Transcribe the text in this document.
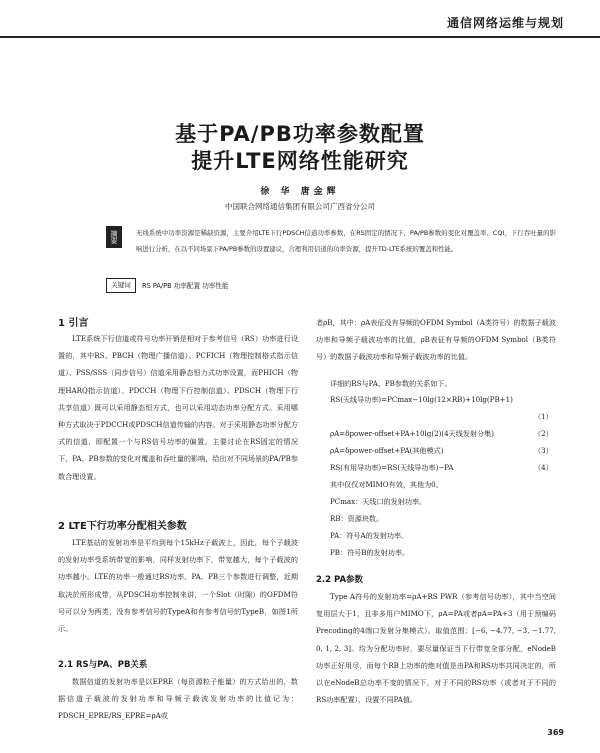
通信网络运维与规划
基于PA/PB功率参数配置
提升LTE网络性能研究
徐 华 唐金辉
中国联合网络通信集团有限公司广西省分公司
摘要	无线系统中功率资源是稀缺资源，主要介绍LTE下行PDSCH信道功率参数，在RS固定的情况下，PA/PB参数的变化对覆盖率、CQI、下行吞吐量的影响进行分析，在以不同场景下PA/PB参数的设置建议，合理利用信道的功率资源，提升TD-LTE系统的覆盖和性能。
关键词	RS PA/PB 功率配置 功率性能
1 引言
LTE系统下行信道或符号功率开销是相对于参考信号（RS）功率进行设置的，其中RS、PBCH（物理广播信道）、PCFICH（物理控制格式指示信道）、PSS/SSS（同步信号）信道采用静态恒力式功率设置，而PHICH（物理HARQ指示信道）、PDCCH（物理下行控制信道）、PDSCH（物理下行共享信道）既可以采用静态恒方式，也可以采用动态功率分配方式。采用哪种方式取决于PDCCH或PDSCH信道传输的内容。对于采用静态功率分配方式的信道，即配置一个与RS信号功率的偏置。主要讨论在RS固定的情况下，PA、PB参数的变化对覆盖和吞吐量的影响，给出对不同场景的PA/PB参数合理设置。
2 LTE下行功率分配相关参数
LTE基站的发射功率是平均到每个15kHz子载波上，因此，每个子载波的发射功率受系统带宽的影响，同样发射功率下，带宽越大，每个子载波的功率越小。LTE的功率一般通过RS功率、PA、PB三个参数进行调整，近期取决於所形成带，从PDSCH功率控制来讲，一个Slot（时隙）的OFDM符号可以分为两类，没有参考信号的TypeA和有参考信号的TypeB，如图1所示。
2.1 RS与PA、PB关系
数据信道的发射功率是以EPRE（每资源粒子能量）的方式给出的，数据信道子载波的发射功率和导频子载波发射功率的比值记为：PDSCH_EPRE/RS_EPRE=ρA或
者ρB，其中：ρA表征没有导频的OFDM Symbol（A类符号）的数据子载波功率和导频子载波功率的比值，ρB表征有导频的OFDM Symbol（B类符号）的数据子载波功率和导频子载波功率的比值。
详细的RS与PA、PB参数的关系如下。
RS(天线导功率)=PCmax−10lg(12×RB)+10lg(PB+1)
（1）
ρA=δpower-offset+PA+10lg(2)(4天线发射分集)	（2）
ρA=δpower-offset+PA(其他模式)	（3）
RS(有用导功率)=RS(天线导功率)−PA	（4）
其中仅仅对MIMO有效，其他为0。
PCmax：天线口的发射功率。
RB：资源块数。
PA：符号A的发射功率。
PB：符号B的发射功率。
2.2 PA参数
Type A符号的发射功率=ρA+RS PWR（参考信号功率），其中当空间复用层大于1，且非多用户MIMO下，ρA=PA或者ρA=PA+3（用于预编码Precoding的4端口发射分集模式）。取值范围：[−6, −4.77, −3, −1.77, 0, 1, 2, 3]。均为分配功率时，要尽量保证当下行带宽全部分配，eNodeB功率正好用尽，而每个RB上功率的绝对值是由PA和RS功率共同决定的，所以在eNodeB总功率不变的情况下，对于不同的RS功率（或者对于不同的RS功率配置），设置不同PA值。
369
